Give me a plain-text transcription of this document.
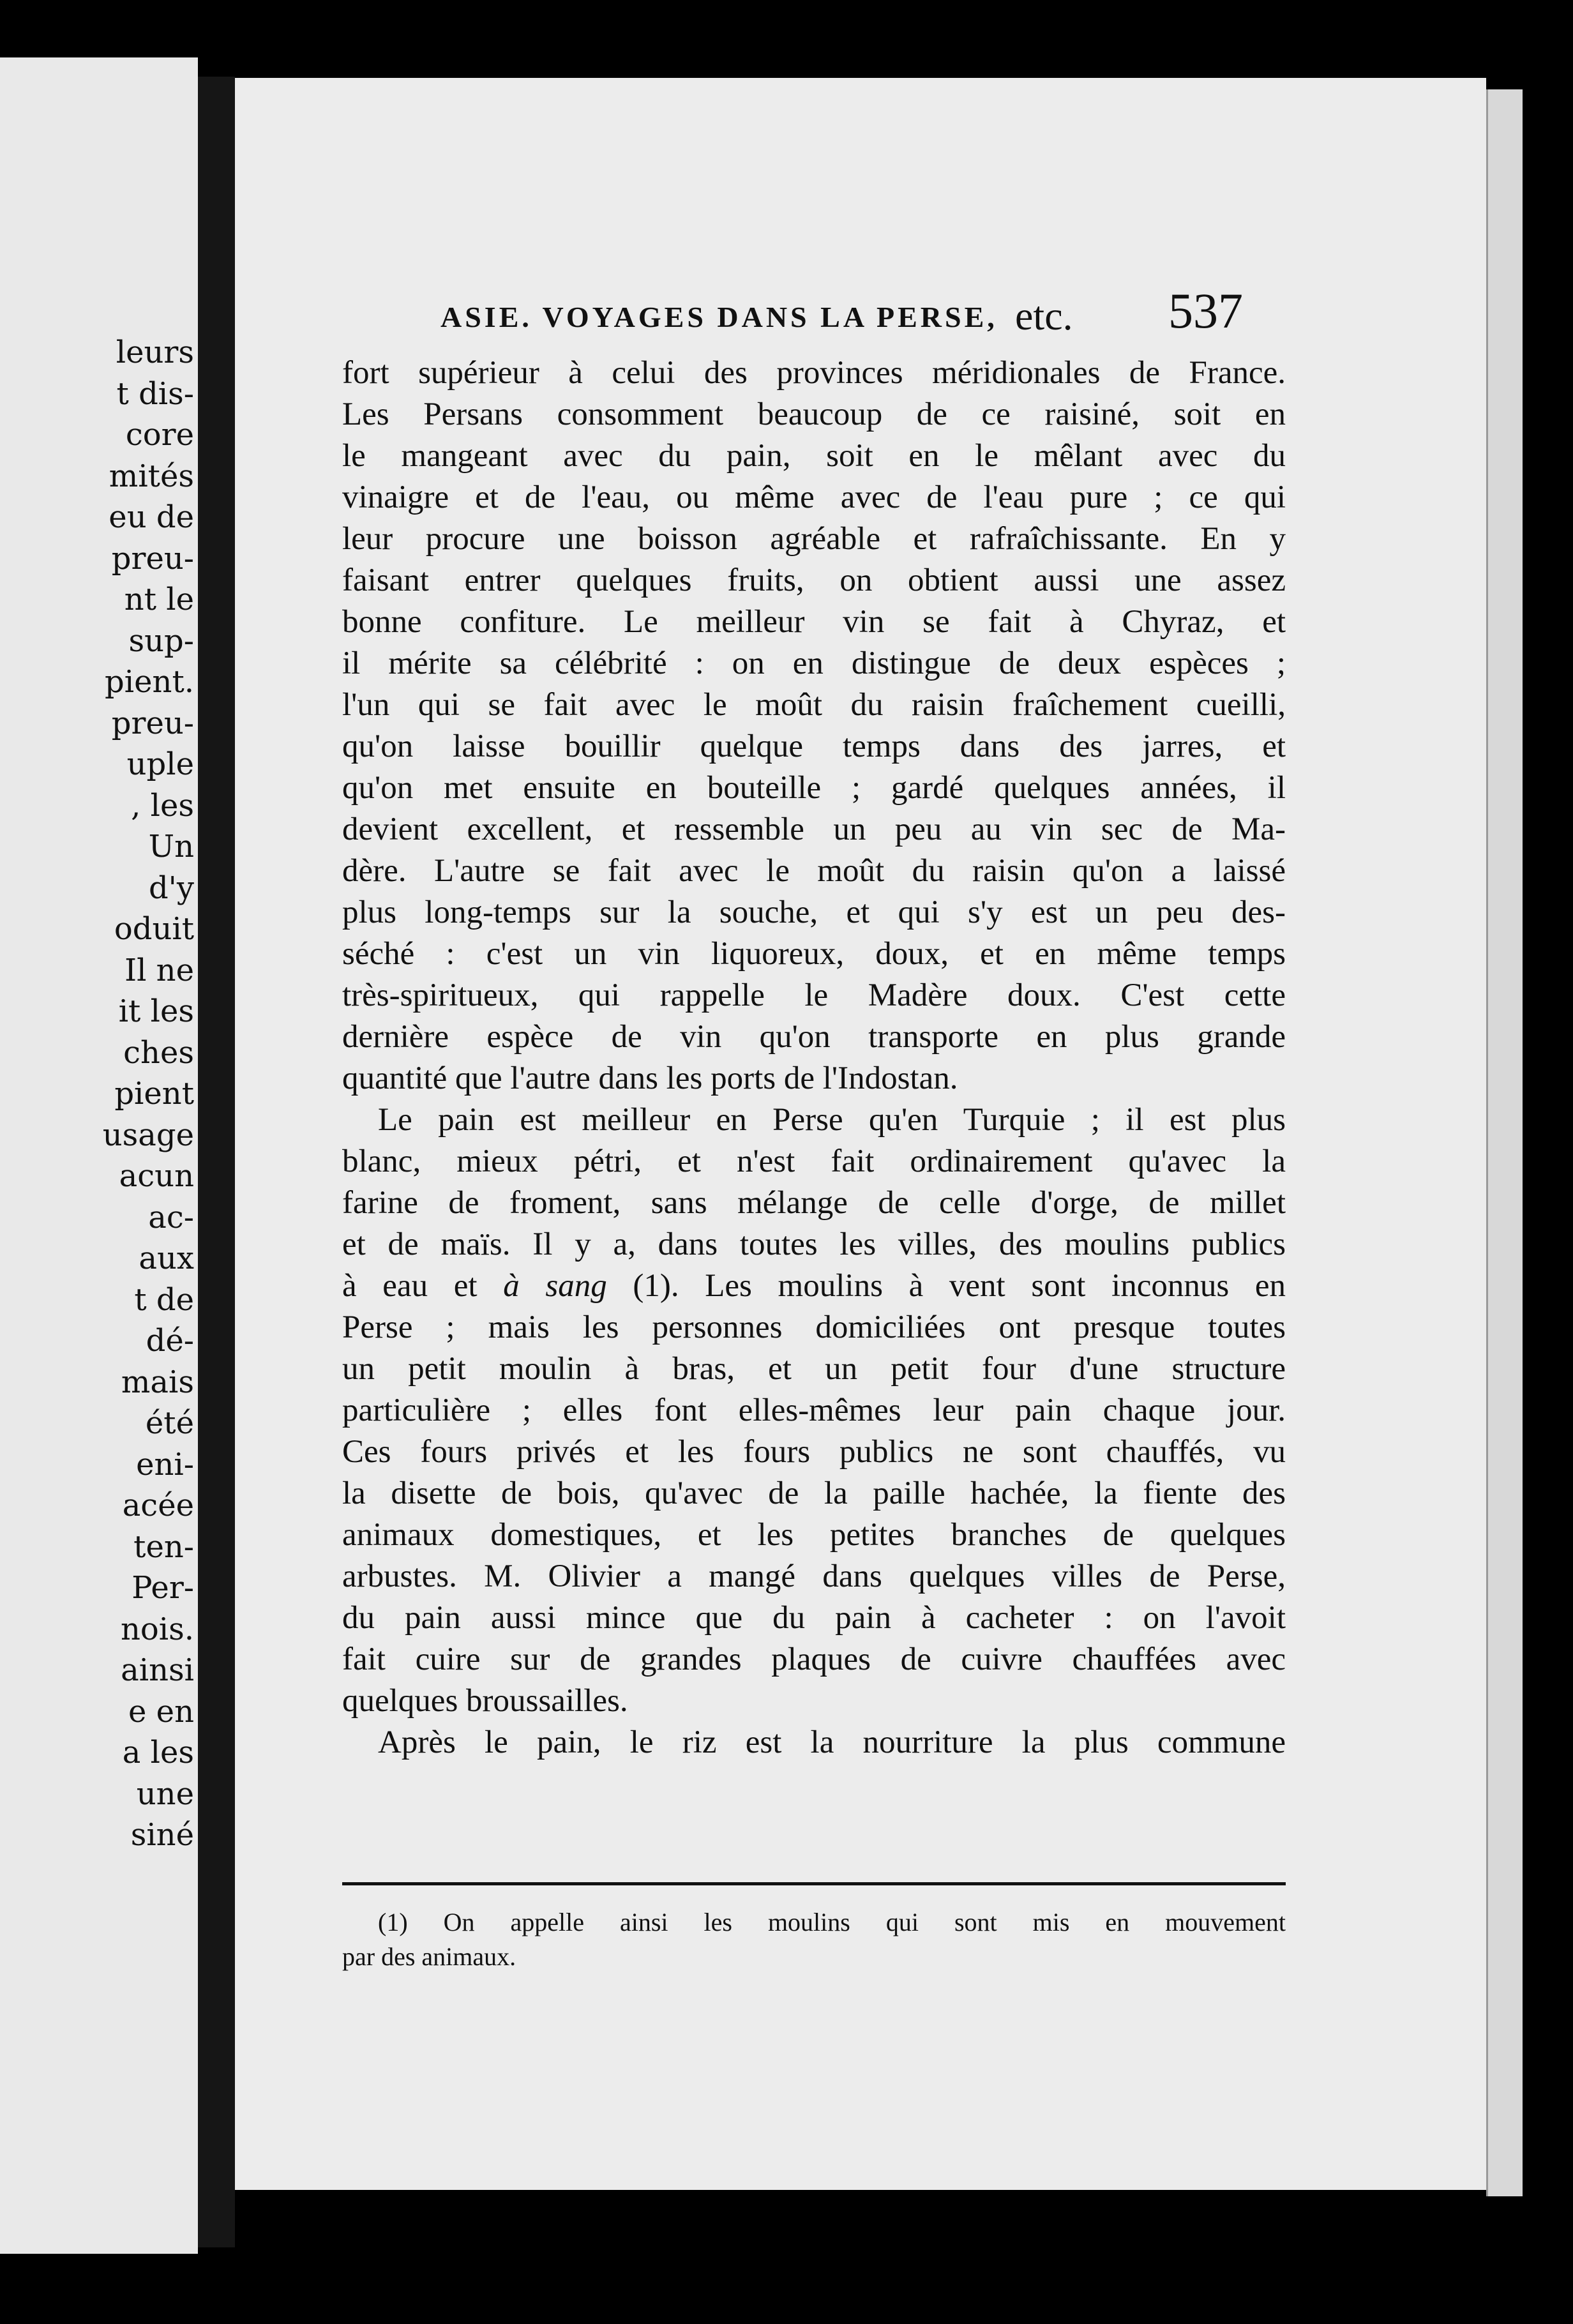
leurs
t dis-
core
mités
eu de
preu-
nt le
sup-
pient.
preu-
uple
, les
Un
d'y
oduit
Il ne
it les
ches
pient
usage
acun
ac-
aux
t de
dé-
mais
été
eni-
acée
ten-
Per-
nois.
ainsi
e en
a les
une
siné
ASIE. VOYAGES DANS LA PERSE, etc. 537
fort supérieur à celui des provinces méridionales de France.
Les Persans consomment beaucoup de ce raisiné, soit en
le mangeant avec du pain, soit en le mêlant avec du
vinaigre et de l'eau, ou même avec de l'eau pure ; ce qui
leur procure une boisson agréable et rafraîchissante. En y
faisant entrer quelques fruits, on obtient aussi une assez
bonne confiture. Le meilleur vin se fait à Chyraz, et
il mérite sa célébrité : on en distingue de deux espèces ;
l'un qui se fait avec le moût du raisin fraîchement cueilli,
qu'on laisse bouillir quelque temps dans des jarres, et
qu'on met ensuite en bouteille ; gardé quelques années, il
devient excellent, et ressemble un peu au vin sec de Ma-
dère. L'autre se fait avec le moût du raisin qu'on a laissé
plus long-temps sur la souche, et qui s'y est un peu des-
séché : c'est un vin liquoreux, doux, et en même temps
très-spiritueux, qui rappelle le Madère doux. C'est cette
dernière espèce de vin qu'on transporte en plus grande
quantité que l'autre dans les ports de l'Indostan.
Le pain est meilleur en Perse qu'en Turquie ; il est plus
blanc, mieux pétri, et n'est fait ordinairement qu'avec la
farine de froment, sans mélange de celle d'orge, de millet
et de maïs. Il y a, dans toutes les villes, des moulins publics
à eau et à sang (1). Les moulins à vent sont inconnus en
Perse ; mais les personnes domiciliées ont presque toutes
un petit moulin à bras, et un petit four d'une structure
particulière ; elles font elles-mêmes leur pain chaque jour.
Ces fours privés et les fours publics ne sont chauffés, vu
la disette de bois, qu'avec de la paille hachée, la fiente des
animaux domestiques, et les petites branches de quelques
arbustes. M. Olivier a mangé dans quelques villes de Perse,
du pain aussi mince que du pain à cacheter : on l'avoit
fait cuire sur de grandes plaques de cuivre chauffées avec
quelques broussailles.
Après le pain, le riz est la nourriture la plus commune
(1) On appelle ainsi les moulins qui sont mis en mouvement
par des animaux.
